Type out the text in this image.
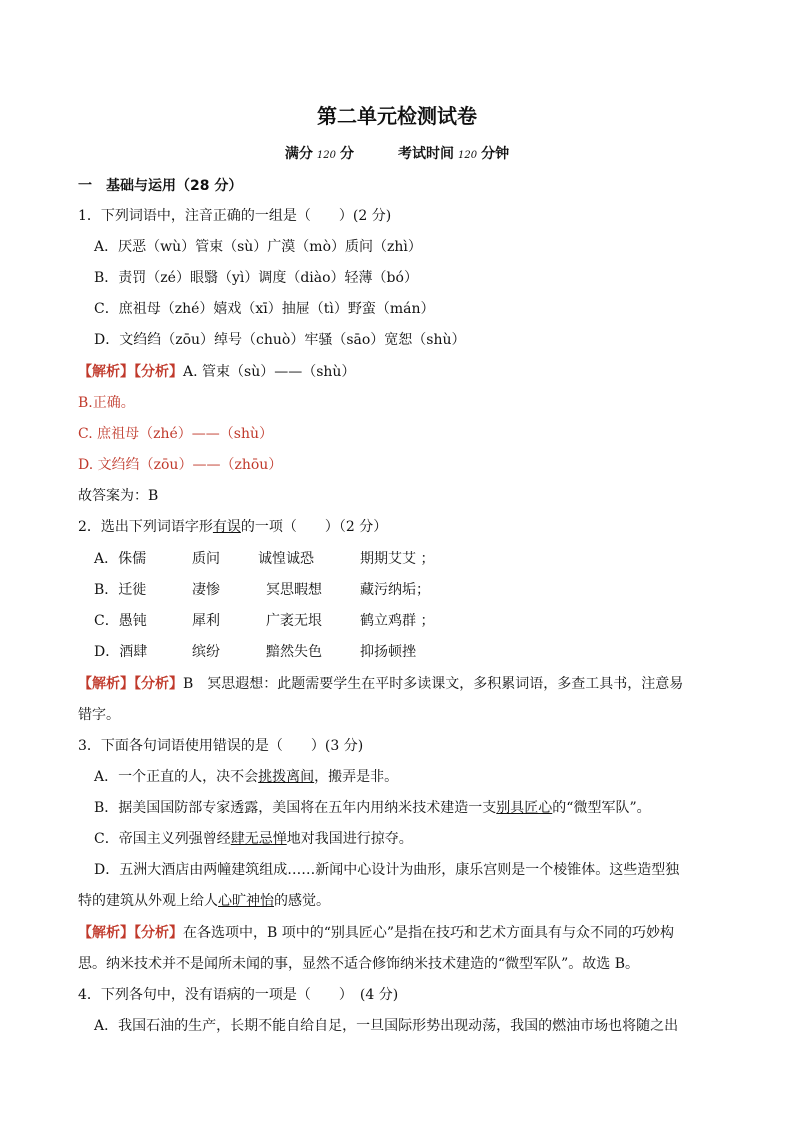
第二单元检测试卷
满分 120 分	考试时间 120 分钟
一　基础与运用（28 分）
1．下列词语中，注音正确的一组是（　　）(2 分)
A．厌恶（wù）管束（sù）广漠（mò）质问（zhì）
B．责罚（zé）眼翳（yì）调度（diào）轻薄（bó）
C．庶祖母（zhé）嬉戏（xī）抽屉（tì）野蛮（mán）
D．文绉绉（zōu）绰号（chuò）牢骚（sāo）宽恕（shù）
【解析】【分析】A. 管束（sù）——（shù）
B.正确。
C. 庶祖母（zhé）——（shù）
D. 文绉绉（zōu）——（zhōu）
故答案为：B
2．选出下列词语字形有误的一项（　　）（2 分）
A．侏儒	质问	诚惶诚恐	期期艾艾 ；
B．迁徙	凄惨	冥思暇想	藏污纳垢；
C．愚钝	犀利	广袤无垠	鹤立鸡群 ；
D．酒肆	缤纷	黯然失色	抑扬顿挫
【解析】【分析】B　冥思遐想：此题需要学生在平时多读课文，多积累词语，多查工具书，注意易
错字。
3．下面各句词语使用错误的是（　　）(3 分)
A．一个正直的人，决不会挑拨离间，搬弄是非。
B．据美国国防部专家透露，美国将在五年内用纳米技术建造一支别具匠心的“微型军队”。
C．帝国主义列强曾经肆无忌惮地对我国进行掠夺。
D．五洲大酒店由两幢建筑组成……新闻中心设计为曲形，康乐宫则是一个棱锥体。这些造型独
特的建筑从外观上给人心旷神怡的感觉。
【解析】【分析】在各选项中，B 项中的“别具匠心”是指在技巧和艺术方面具有与众不同的巧妙构
思。纳米技术并不是闻所未闻的事，显然不适合修饰纳米技术建造的“微型军队”。故选 B。
4．下列各句中，没有语病的一项是（　　）　(4 分)
A．我国石油的生产，长期不能自给自足，一旦国际形势出现动荡，我国的燃油市场也将随之出
